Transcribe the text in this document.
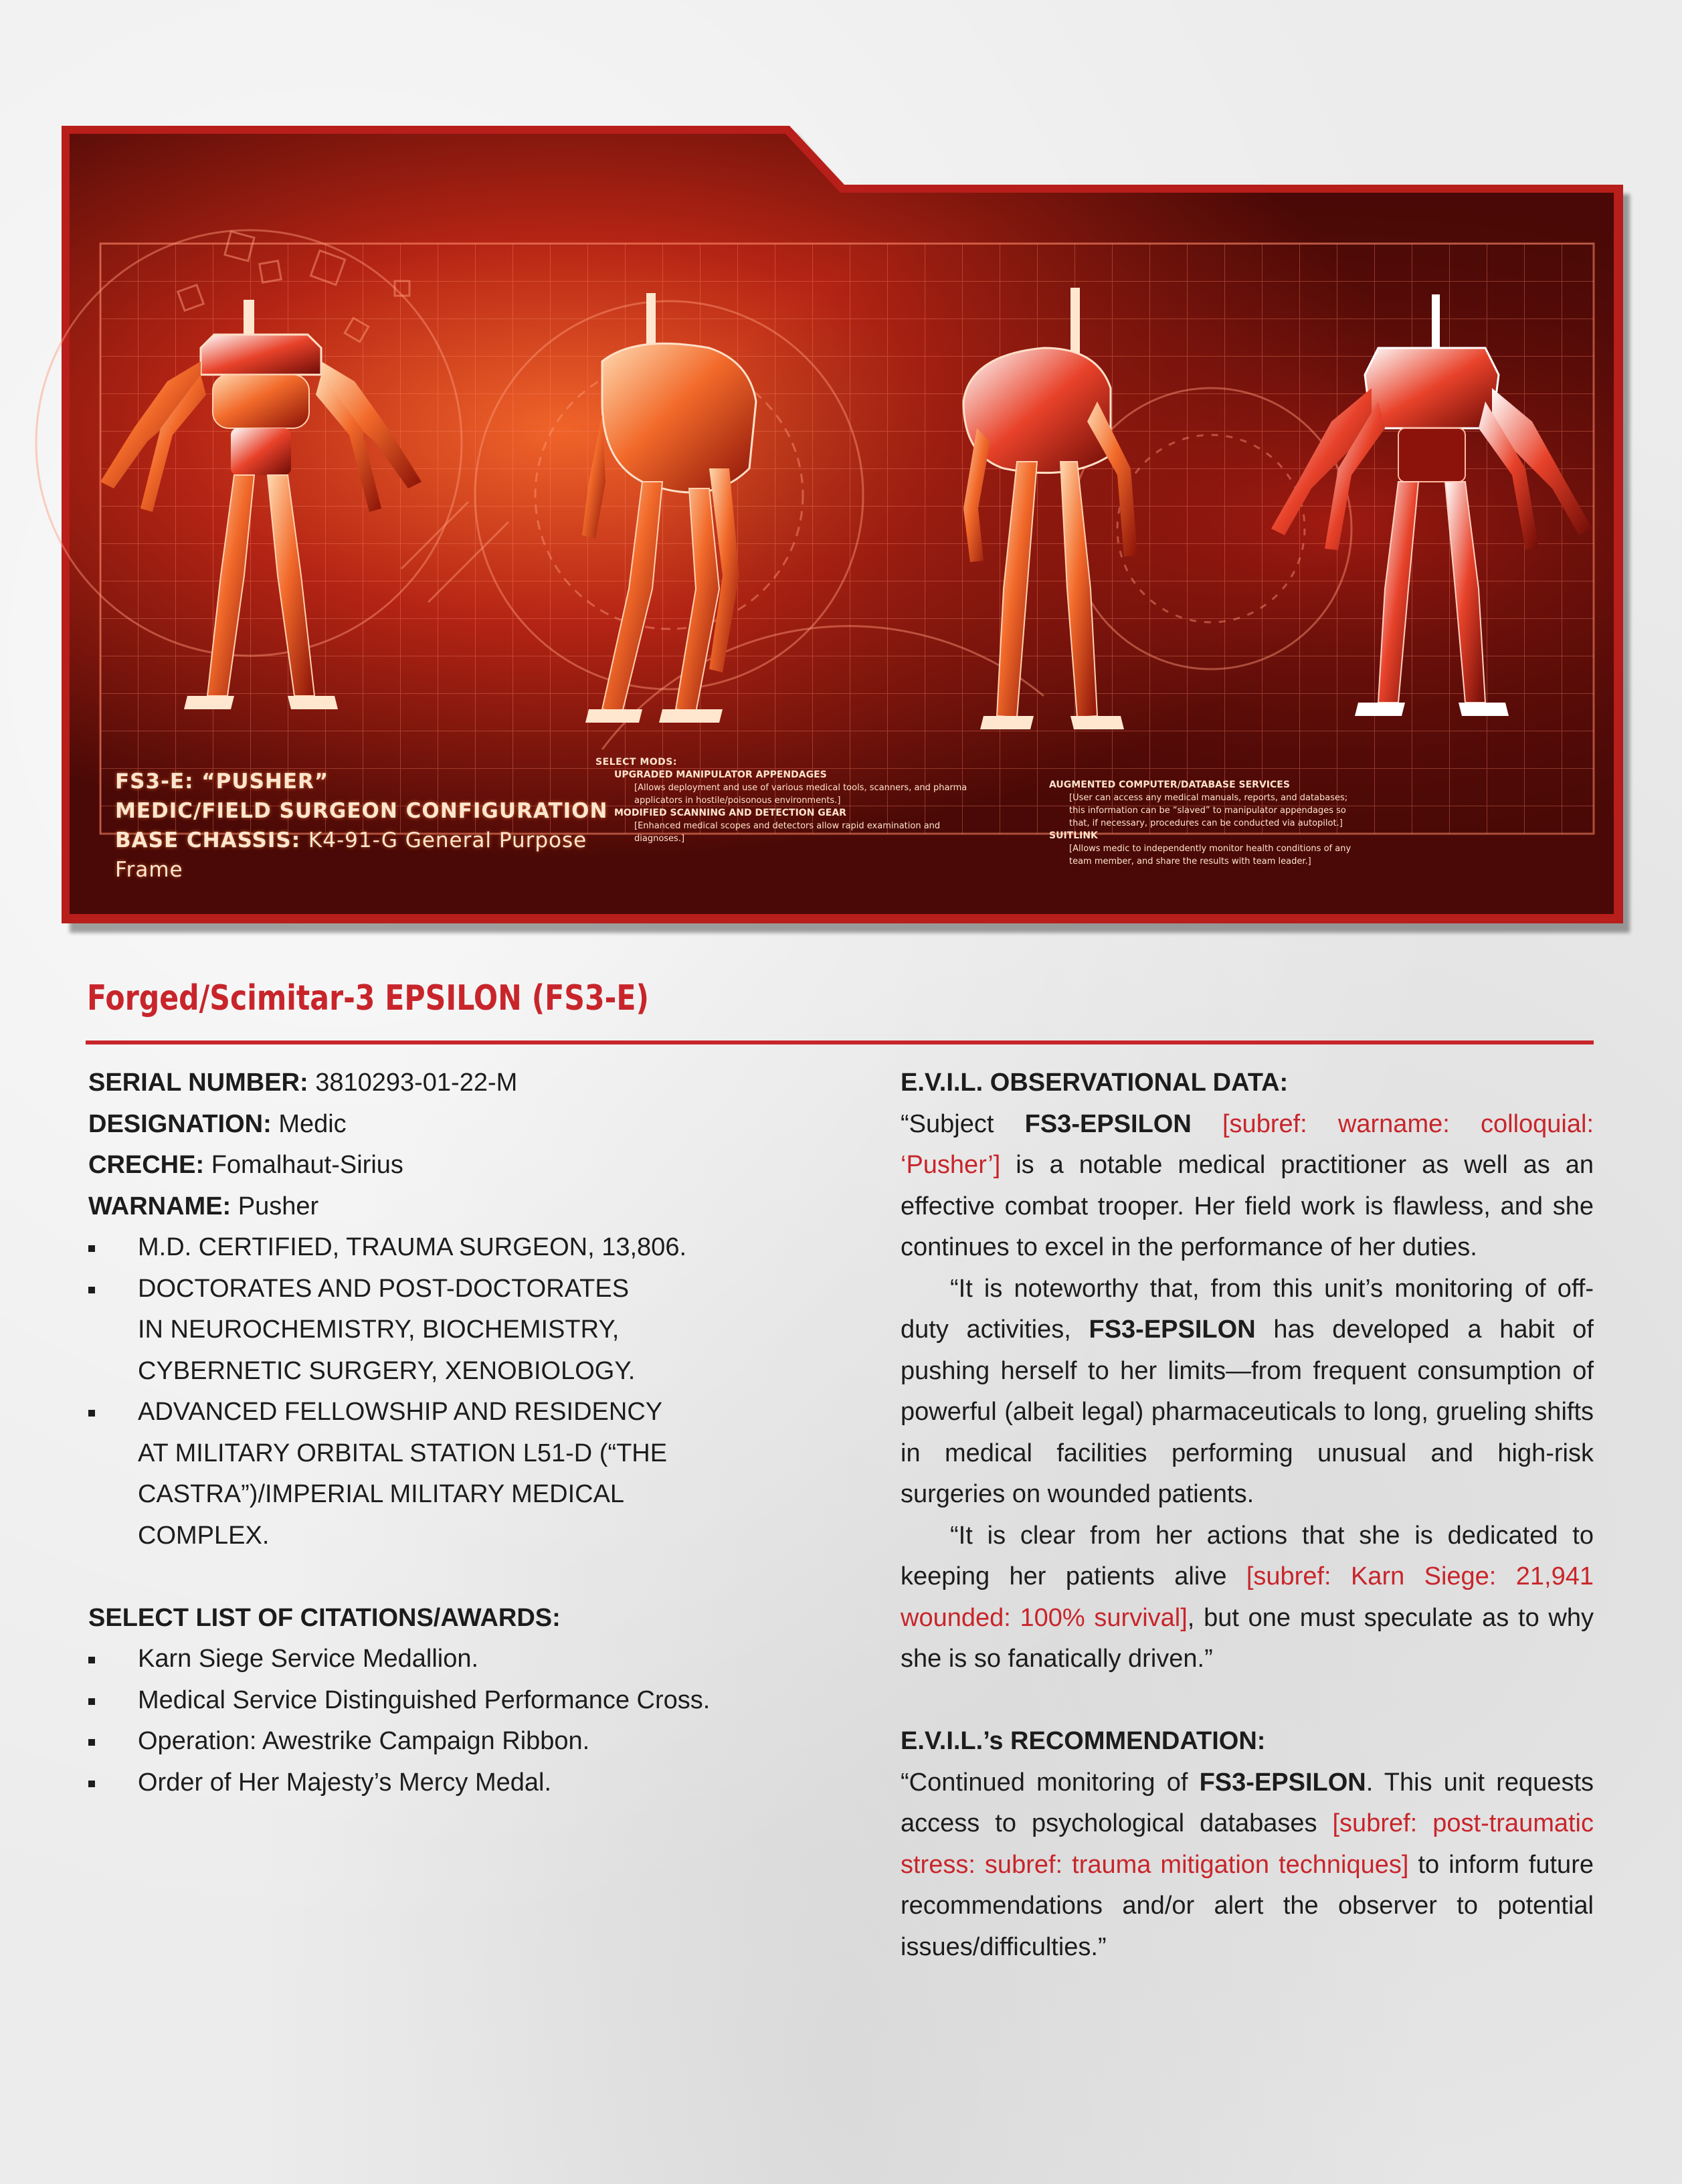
FS3-E: “PUSHER”
MEDIC/FIELD SURGEON CONFIGURATION
BASE CHASSIS: K4-91-G General Purpose Frame
SELECT MODS:
UPGRADED MANIPULATOR APPENDAGES
[Allows deployment and use of various medical tools, scanners, and pharma
applicators in hostile/poisonous environments.]
MODIFIED SCANNING AND DETECTION GEAR
[Enhanced medical scopes and detectors allow rapid examination and
diagnoses.]
AUGMENTED COMPUTER/DATABASE SERVICES
[User can access any medical manuals, reports, and databases;
this information can be “slaved” to manipulator appendages so
that, if necessary, procedures can be conducted via autopilot.]
SUITLINK
[Allows medic to independently monitor health conditions of any
team member, and share the results with team leader.]
Forged/Scimitar-3 EPSILON (FS3-E)
SERIAL NUMBER: 3810293-01-22-M
DESIGNATION: Medic
CRECHE: Fomalhaut-Sirius
WARNAME: Pusher
M.D. CERTIFIED, TRAUMA SURGEON, 13,806.
DOCTORATES AND POST-DOCTORATES
IN NEUROCHEMISTRY, BIOCHEMISTRY,
CYBERNETIC SURGERY, XENOBIOLOGY.
ADVANCED FELLOWSHIP AND RESIDENCY
AT MILITARY ORBITAL STATION L51-D (“THE
CASTRA”)/IMPERIAL MILITARY MEDICAL
COMPLEX.
SELECT LIST OF CITATIONS/AWARDS:
Karn Siege Service Medallion.
Medical Service Distinguished Performance Cross.
Operation: Awestrike Campaign Ribbon.
Order of Her Majesty’s Mercy Medal.
E.V.I.L. OBSERVATIONAL DATA:
“Subject FS3-EPSILON [subref: warname: colloquial: ‘Pusher’] is a notable medical practitioner as well as an effective combat trooper. Her field work is flawless, and she continues to excel in the performance of her duties.
“It is noteworthy that, from this unit’s monitoring of off-duty activities, FS3-EPSILON has developed a habit of pushing herself to her limits—from frequent consumption of powerful (albeit legal) pharmaceuticals to long, grueling shifts in medical facilities performing unusual and high-risk surgeries on wounded patients.
“It is clear from her actions that she is dedicated to keeping her patients alive [subref: Karn Siege: 21,941 wounded: 100% survival], but one must speculate as to why she is so fanatically driven.”
E.V.I.L.’s RECOMMENDATION:
“Continued monitoring of FS3-EPSILON. This unit requests access to psychological databases [subref: post-traumatic stress: subref: trauma mitigation techniques] to inform future recommendations and/or alert the observer to potential issues/difficulties.”
